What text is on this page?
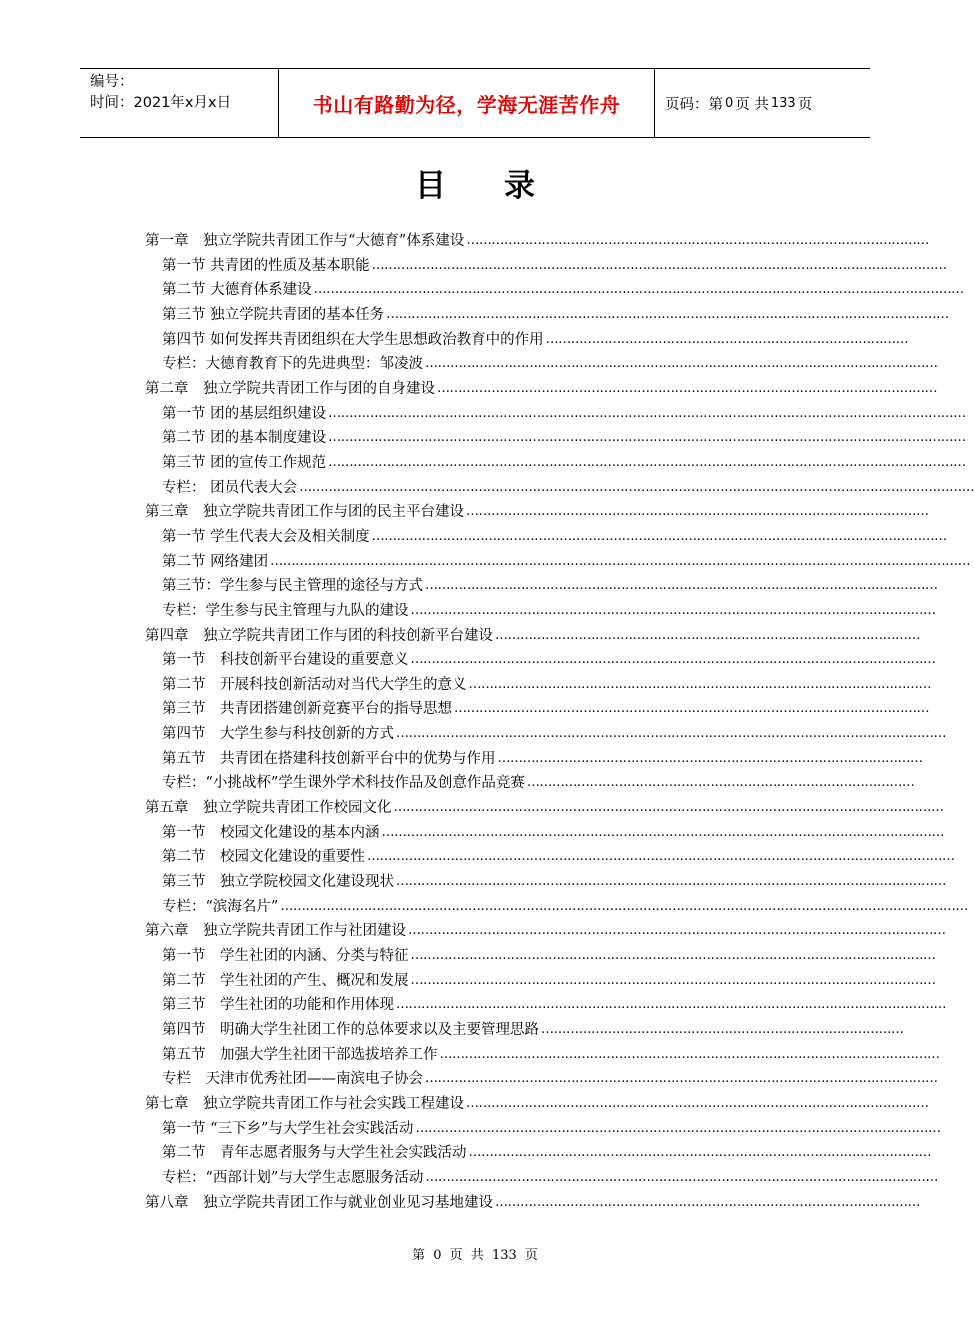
编号：
时间：2021年x月x日	书山有路勤为径，学海无涯苦作舟	页码：第 0 页 共 133 页
目录
第一章　独立学院共青团工作与“大德育”体系建设 …………………………………………………………………………………………………
第一节 共青团的性质及基本职能 …………………………………………………………………………………………………………………………
第二节 大德育体系建设 …………………………………………………………………………………………………………………………………………
第三节 独立学院共青团的基本任务 ………………………………………………………………………………………………………………………
第四节 如何发挥共青团组织在大学生思想政治教育中的作用 ……………………………………………………………………………
专栏：大德育教育下的先进典型：邹凌波 ……………………………………………………………………………………………………………
第二章　独立学院共青团工作与团的自身建设 …………………………………………………………………………………………………………
第一节 团的基层组织建设 ………………………………………………………………………………………………………………………………………
第二节 团的基本制度建设 ………………………………………………………………………………………………………………………………………
第三节 团的宣传工作规范 ………………………………………………………………………………………………………………………………………
专栏： 团员代表大会 ………………………………………………………………………………………………………………………………………………
第三章　独立学院共青团工作与团的民主平台建设 …………………………………………………………………………………………………
第一节 学生代表大会及相关制度 …………………………………………………………………………………………………………………………
第二节 网络建团 ……………………………………………………………………………………………………………………………………………………
第三节：学生参与民主管理的途径与方式 ……………………………………………………………………………………………………………
专栏：学生参与民主管理与九队的建设 ………………………………………………………………………………………………………………
第四章　独立学院共青团工作与团的科技创新平台建设 …………………………………………………………………………………………
第一节　科技创新平台建设的重要意义 ………………………………………………………………………………………………………………
第二节　开展科技创新活动对当代大学生的意义 …………………………………………………………………………………………………
第三节　共青团搭建创新竞赛平台的指导思想 ……………………………………………………………………………………………………
第四节　大学生参与科技创新的方式 ……………………………………………………………………………………………………………………
第五节　共青团在搭建科技创新平台中的优势与作用 …………………………………………………………………………………………
专栏：“小挑战杯”学生课外学术科技作品及创意作品竞赛 …………………………………………………………………………………
第五章　独立学院共青团工作校园文化 ……………………………………………………………………………………………………………………
第一节　校园文化建设的基本内涵 ………………………………………………………………………………………………………………………
第二节　校园文化建设的重要性 ……………………………………………………………………………………………………………………………
第三节　独立学院校园文化建设现状 ……………………………………………………………………………………………………………………
专栏：“滨海名片” …………………………………………………………………………………………………………………………………………………
第六章　独立学院共青团工作与社团建设 …………………………………………………………………………………………………………………
第一节　学生社团的内涵、分类与特征 ………………………………………………………………………………………………………………
第二节　学生社团的产生、概况和发展 ………………………………………………………………………………………………………………
第三节　学生社团的功能和作用体现 ……………………………………………………………………………………………………………………
第四节　明确大学生社团工作的总体要求以及主要管理思路 ……………………………………………………………………………
第五节　加强大学生社团干部选拔培养工作 …………………………………………………………………………………………………………
专栏　天津市优秀社团——南滨电子协会 ……………………………………………………………………………………………………………
第七章　独立学院共青团工作与社会实践工程建设 …………………………………………………………………………………………………
第一节 “三下乡”与大学生社会实践活动 ………………………………………………………………………………………………………………
第二节　青年志愿者服务与大学生社会实践活动 …………………………………………………………………………………………………
专栏：“西部计划”与大学生志愿服务活动 ……………………………………………………………………………………………………………
第八章　独立学院共青团工作与就业创业见习基地建设 …………………………………………………………………………………………
第 0 页 共 133 页
